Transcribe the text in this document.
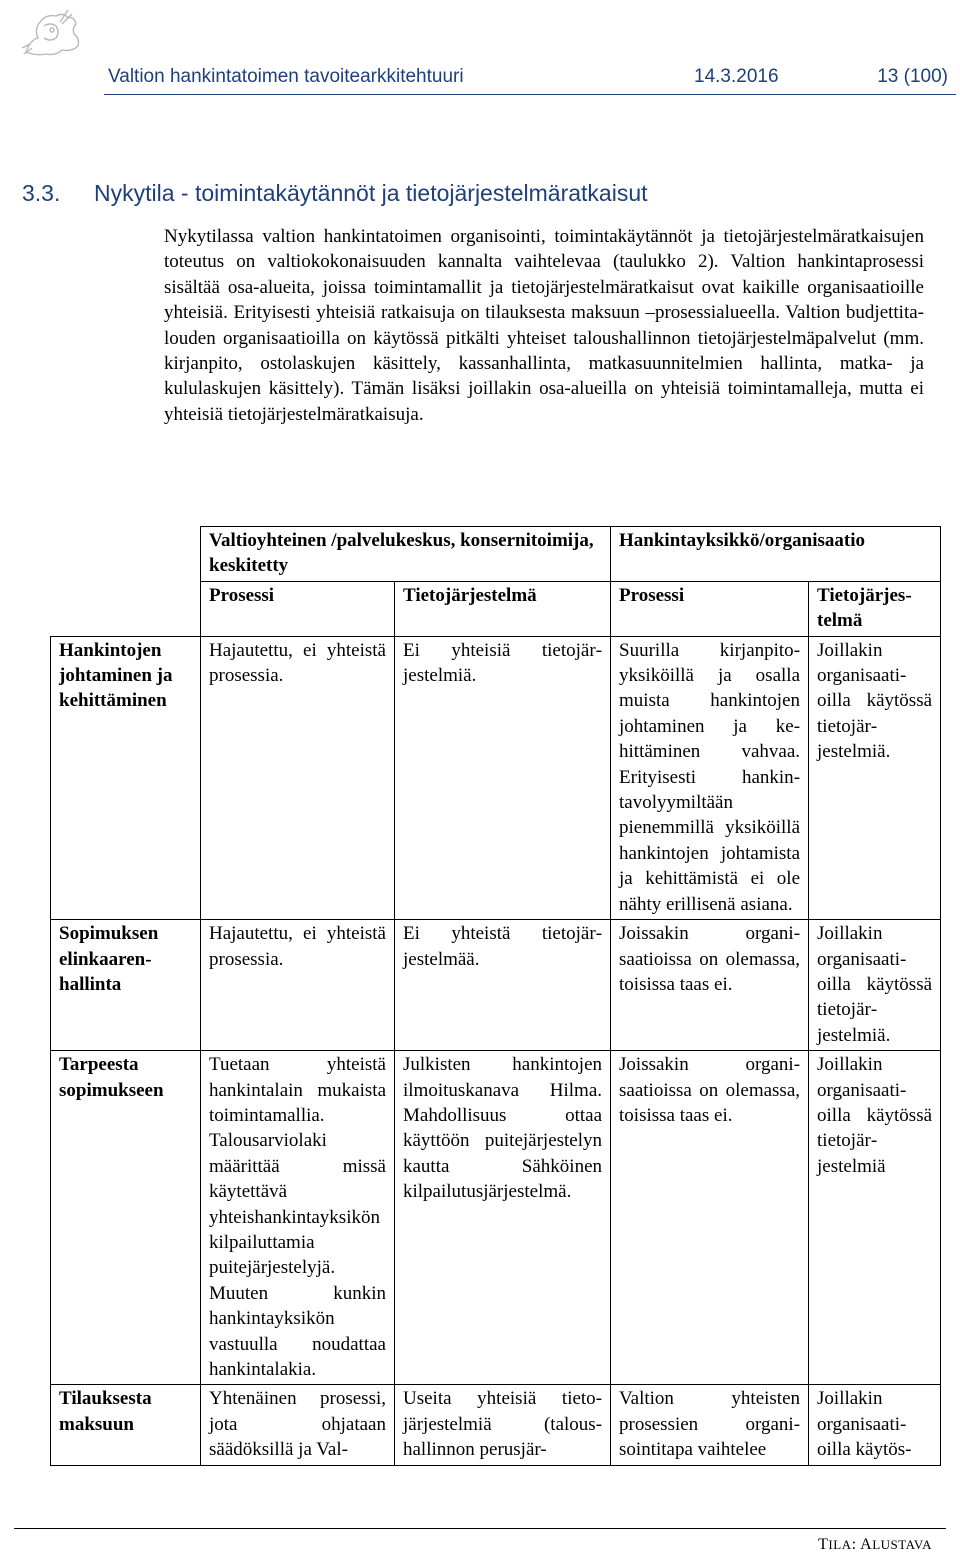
Valtion hankintatoimen tavoitearkkitehtuuri	14.3.2016	13 (100)
3.3. Nykytila - toimintakäytännöt ja tietojärjestelmäratkaisut
Nykytilassa valtion hankintatoimen organisointi, toimintakäytännöt ja tietojärjestelmäratkaisujen toteutus on valtiokokonaisuuden kannalta vaihtelevaa (taulukko 2). Valtion hankintaprosessi sisältää osa-alueita, joissa toimintamallit ja tietojärjestelmäratkaisut ovat kaikille organisaatioille yhteisiä. Erityisesti yhteisiä ratkaisuja on tilauksesta maksuun –prosessialueella. Valtion budjettitalouden organisaatioilla on käytössä pitkälti yhteiset taloushallinnon tietojärjestelmäpalvelut (mm. kirjanpito, ostolaskujen käsittely, kassanhallinta, matkasuunnitelmien hallinta, matka- ja kululaskujen käsittely). Tämän lisäksi joillakin osa-alueilla on yhteisiä toimintamalleja, mutta ei yhteisiä tietojärjestelmäratkaisuja.
	Valtioyhteinen /palvelukeskus, konsernitoimija, keskitetty		Hankintayksikkö/organisaatio	
	Prosessi	Tietojärjestelmä	Prosessi	Tietojärjestelmä
Hankintojen johtaminen ja kehittäminen	Hajautettu, ei yhteistä prosessia.	Ei yhteisiä tietojärjestelmiä.	Suurilla kirjanpitoyksiköillä ja osalla muista hankintojen johtaminen ja kehittäminen vahvaa. Erityisesti hankintavolyymiltään pienemmillä yksiköillä hankintojen johtamista ja kehittämistä ei ole nähty erillisenä asiana.	Joillakin organisaatioilla käytössä tietojärjestelmiä.
Sopimuksen elinkaarenhallinta	Hajautettu, ei yhteistä prosessia.	Ei yhteistä tietojärjestelmää.	Joissakin organisaatioissa on olemassa, toisissa taas ei.	Joillakin organisaatioilla käytössä tietojärjestelmiä.
Tarpeesta sopimukseen	Tuetaan yhteistä hankintalain mukaista toimintamallia. Talousarviolaki määrittää missä käytettävä yhteishankintayksikön kilpailuttamia puitejärjestelyjä. Muuten kunkin hankintayksikön vastuulla noudattaa hankintalakia.	Julkisten hankintojen ilmoituskanava Hilma. Mahdollisuus ottaa käyttöön puitejärjestelyn kautta Sähköinen kilpailutusjärjestelmä.	Joissakin organisaatioissa on olemassa, toisissa taas ei.	Joillakin organisaatioilla käytössä tietojärjestelmiä
Tilauksesta maksuun	Yhtenäinen prosessi, jota ohjataan säädöksillä ja Val-	Useita yhteisiä tietojärjestelmiä (taloushallinnon perusjär-	Valtion yhteisten prosessien organisointitapa vaihtelee	Joillakin organisaatioilla käytös-
TILA: ALUSTAVA
